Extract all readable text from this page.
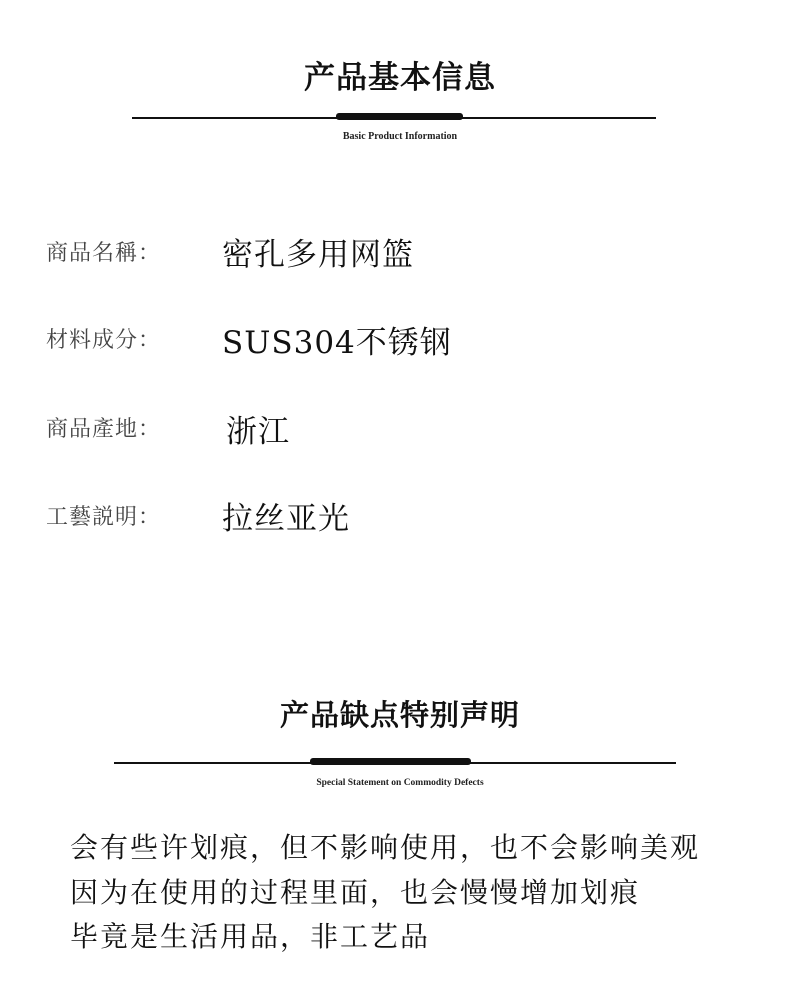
产品基本信息
Basic Product Information
商品名稱： 密孔多用网篮
材料成分： SUS304不锈钢
商品產地： 浙江
工藝説明： 拉丝亚光
产品缺点特别声明
Special Statement on Commodity Defects
会有些许划痕，但不影响使用，也不会影响美观
因为在使用的过程里面，也会慢慢增加划痕
毕竟是生活用品，非工艺品
